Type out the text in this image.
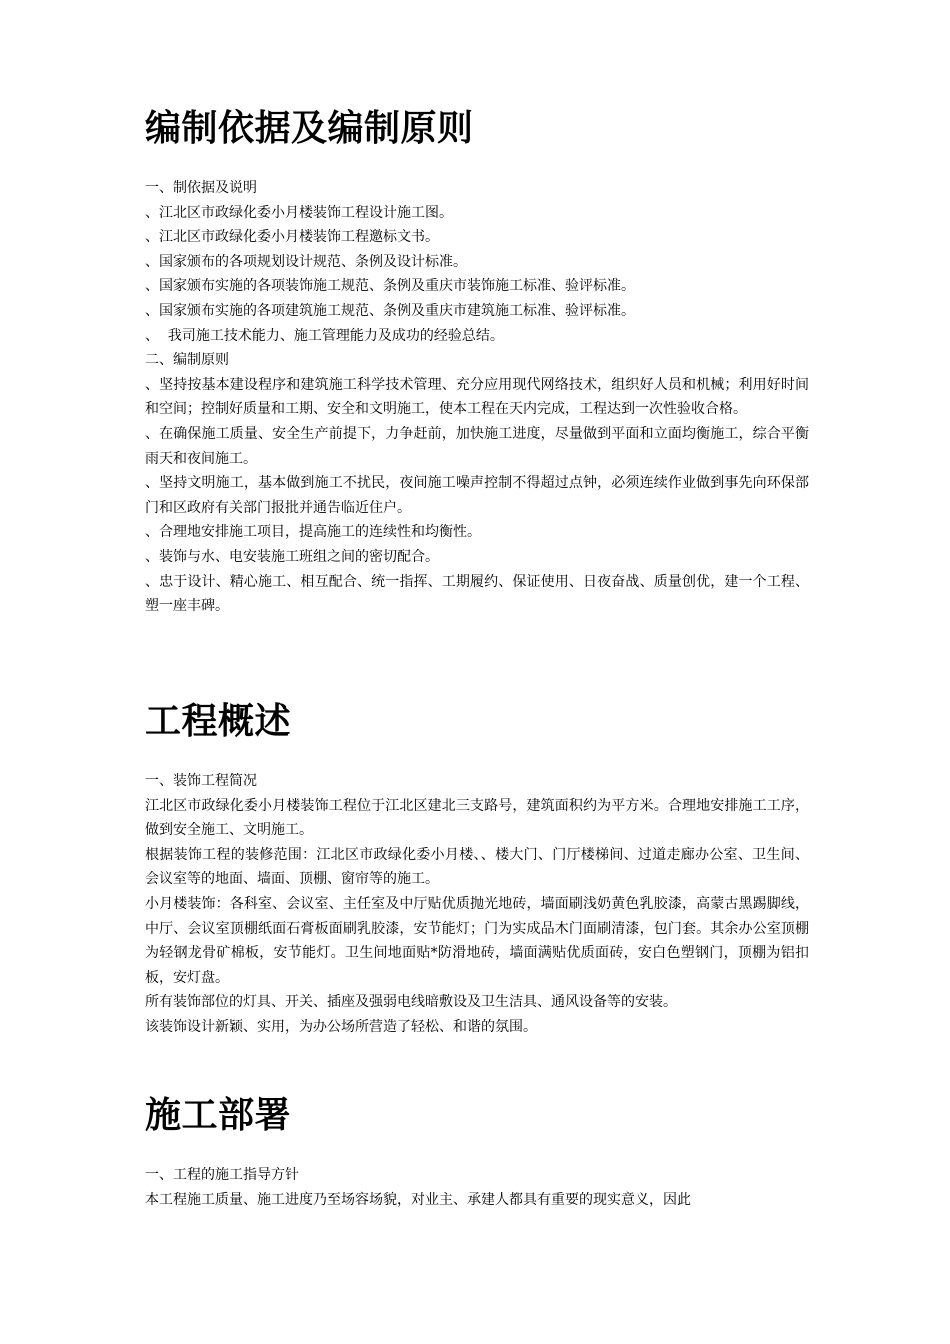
编制依据及编制原则

一、制依据及说明

、江北区市政绿化委小月楼装饰工程设计施工图。

、江北区市政绿化委小月楼装饰工程邀标文书。

、国家颁布的各项规划设计规范、条例及设计标准。

、国家颁布实施的各项装饰施工规范、条例及重庆市装饰施工标准、验评标准。

、国家颁布实施的各项建筑施工规范、条例及重庆市建筑施工标准、验评标准。

、  我司施工技术能力、施工管理能力及成功的经验总结。

二、编制原则

、坚持按基本建设程序和建筑施工科学技术管理、充分应用现代网络技术，组织好人员和机械；利用好时间和空间；控制好质量和工期、安全和文明施工，使本工程在天内完成，工程达到一次性验收合格。

、在确保施工质量、安全生产前提下，力争赶前，加快施工进度，尽量做到平面和立面均衡施工，综合平衡雨天和夜间施工。

、坚持文明施工，基本做到施工不扰民，夜间施工噪声控制不得超过点钟，必须连续作业做到事先向环保部门和区政府有关部门报批并通告临近住户。

、合理地安排施工项目，提高施工的连续性和均衡性。

、装饰与水、电安装施工班组之间的密切配合。

、忠于设计、精心施工、相互配合、统一指挥、工期履约、保证使用、日夜奋战、质量创优，建一个工程、塑一座丰碑。

工程概述

一、装饰工程简况

江北区市政绿化委小月楼装饰工程位于江北区建北三支路号，建筑面积约为平方米。合理地安排施工工序，做到安全施工、文明施工。

根据装饰工程的装修范围：江北区市政绿化委小月楼、、楼大门、门厅楼梯间、过道走廊办公室、卫生间、会议室等的地面、墙面、顶棚、窗帘等的施工。

小月楼装饰：各科室、会议室、主任室及中厅贴优质抛光地砖，墙面刷浅奶黄色乳胶漆，高蒙古黑踢脚线，中厅、会议室顶棚纸面石膏板面刷乳胶漆，安节能灯；门为实成品木门面刷清漆，包门套。其余办公室顶棚为轻钢龙骨矿棉板，安节能灯。卫生间地面贴*防滑地砖，墙面满贴优质面砖，安白色塑钢门，顶棚为铝扣板，安灯盘。

所有装饰部位的灯具、开关、插座及强弱电线暗敷设及卫生洁具、通风设备等的安装。

该装饰设计新颖、实用，为办公场所营造了轻松、和谐的氛围。

施工部署

一、工程的施工指导方针

本工程施工质量、施工进度乃至场容场貌，对业主、承建人都具有重要的现实意义，因此
